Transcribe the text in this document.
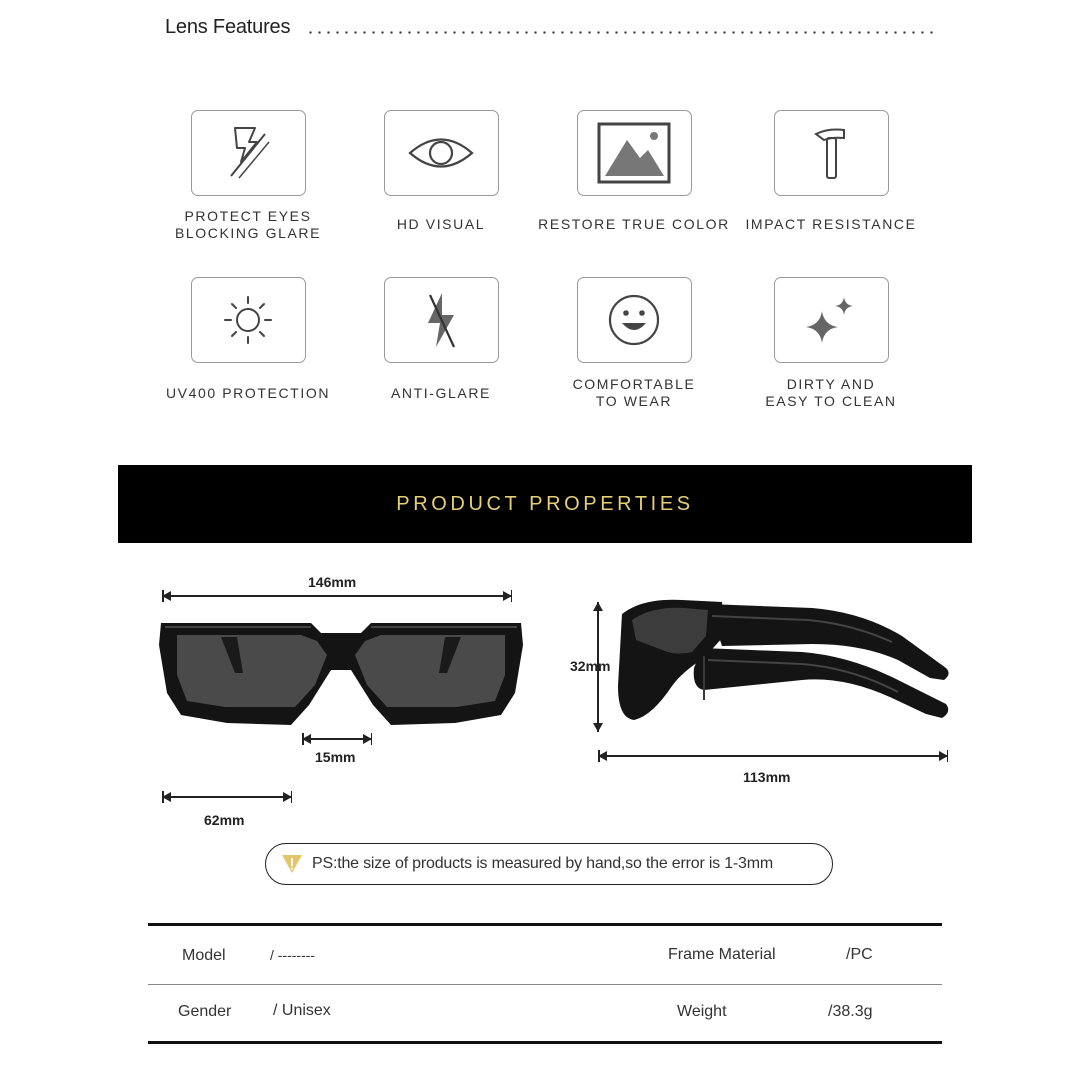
Lens Features
PROTECT EYES
BLOCKING GLARE
HD VISUAL	RESTORE TRUE COLOR	IMPACT RESISTANCE
UV400 PROTECTION	ANTI-GLARE
COMFORTABLE
TO WEAR
DIRTY AND
EASY TO CLEAN
PRODUCT PROPERTIES
146mm
15mm
62mm
32mm
113mm
PS:the size of products is measured by hand,so the error is 1-3mm
Model	/ --------	Frame Material	/PC
Gender	/ Unisex	Weight	/38.3g
